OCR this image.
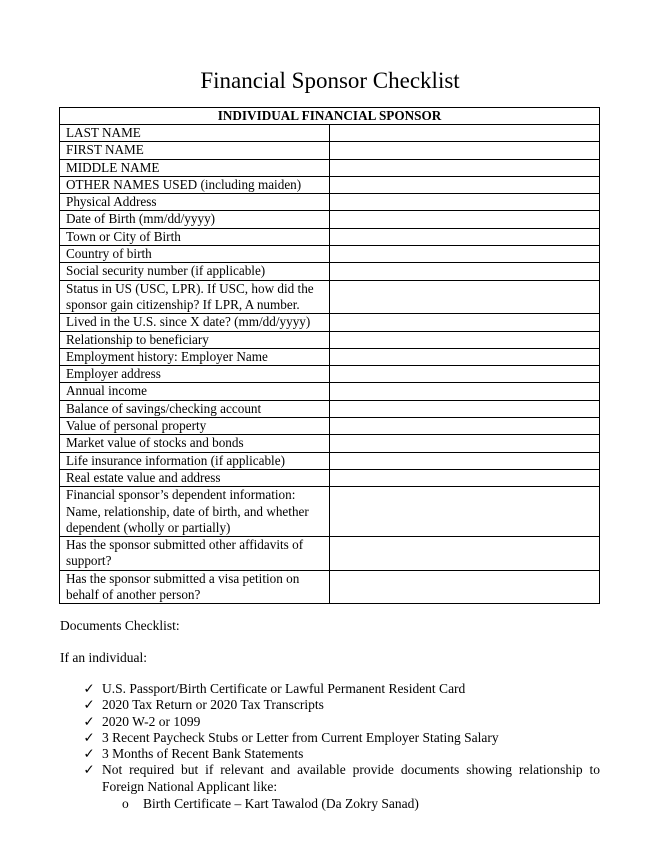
Financial Sponsor Checklist
INDIVIDUAL FINANCIAL SPONSOR	
LAST NAME	
FIRST NAME	
MIDDLE NAME	
OTHER NAMES USED (including maiden)	
Physical Address	
Date of Birth (mm/dd/yyyy)	
Town or City of Birth	
Country of birth	
Social security number (if applicable)	
Status in US (USC, LPR). If USC, how did the sponsor gain citizenship? If LPR, A number.	
Lived in the U.S. since X date? (mm/dd/yyyy)	
Relationship to beneficiary	
Employment history: Employer Name	
Employer address	
Annual income	
Balance of savings/checking account	
Value of personal property	
Market value of stocks and bonds	
Life insurance information (if applicable)	
Real estate value and address	
Financial sponsor’s dependent information: Name, relationship, date of birth, and whether dependent (wholly or partially)	
Has the sponsor submitted other affidavits of support?	
Has the sponsor submitted a visa petition on behalf of another person?	

Documents Checklist:

If an individual:

✓ U.S. Passport/Birth Certificate or Lawful Permanent Resident Card
✓ 2020 Tax Return or 2020 Tax Transcripts
✓ 2020 W-2 or 1099
✓ 3 Recent Paycheck Stubs or Letter from Current Employer Stating Salary
✓ 3 Months of Recent Bank Statements
✓ Not required but if relevant and available provide documents showing relationship to Foreign National Applicant like:
o Birth Certificate – Kart Tawalod (Da Zokry Sanad)
